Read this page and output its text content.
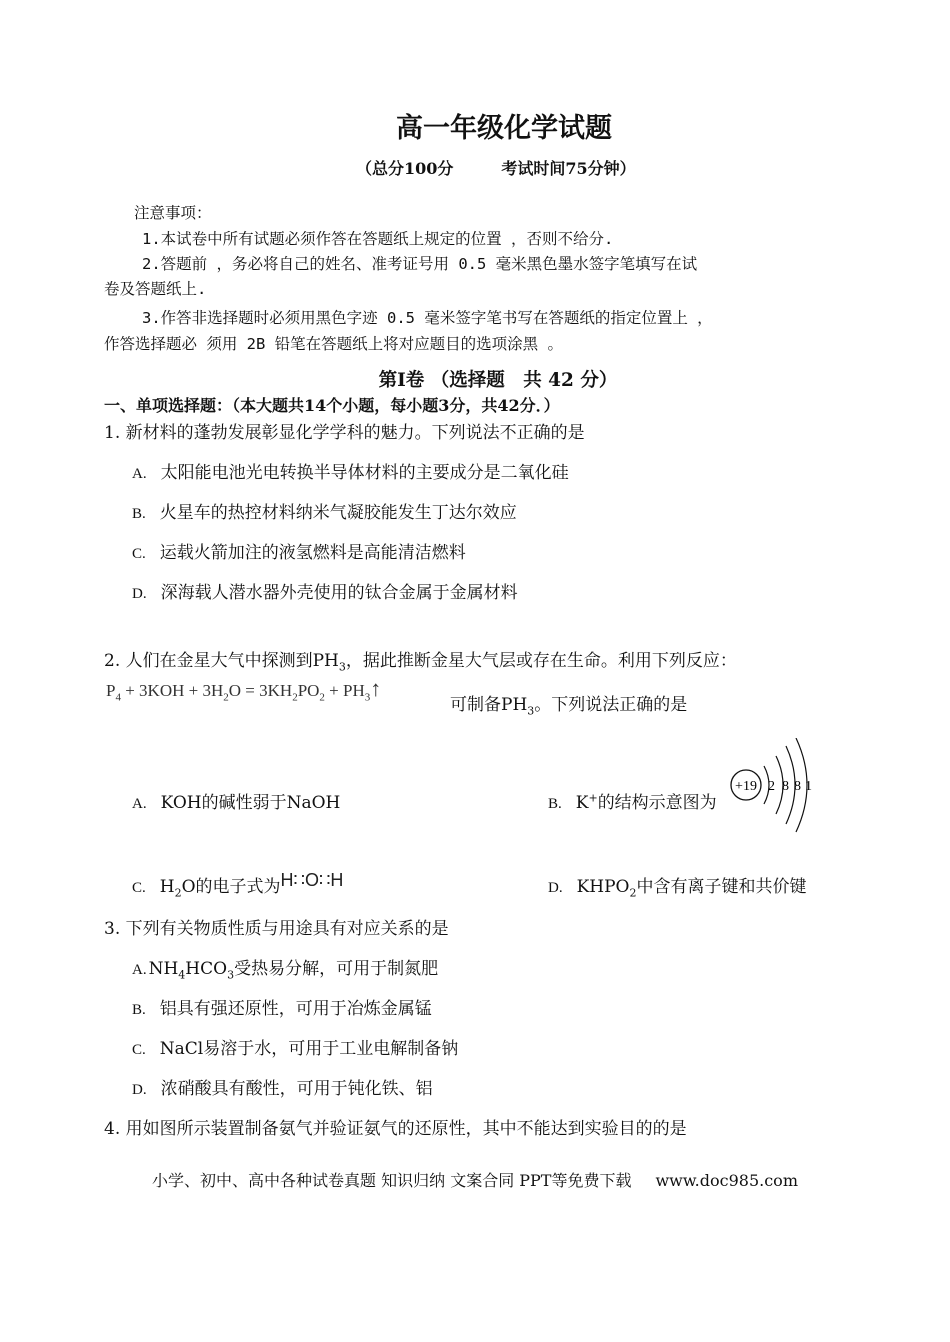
高一年级化学试题
（总分100分	考试时间75分钟）
注意事项：
1.本试卷中所有试题必须作答在答题纸上规定的位置 ，否则不给分.
2.答题前 ，务必将自己的姓名、准考证号用 0.5 毫米黑色墨水签字笔填写在试
卷及答题纸上.
3.作答非选择题时必须用黑色字迹 0.5 毫米签字笔书写在答题纸的指定位置上 ，
作答选择题必 须用 2B 铅笔在答题纸上将对应题目的选项涂黑 。
第Ⅰ卷 （选择题　共 42 分）
一、单项选择题：（本大题共14个小题，每小题3分，共42分．）
1. 新材料的蓬勃发展彰显化学学科的魅力。下列说法不正确的是
A. 太阳能电池光电转换半导体材料的主要成分是二氧化硅
B. 火星车的热控材料纳米气凝胶能发生丁达尔效应
C. 运载火箭加注的液氢燃料是高能清洁燃料
D. 深海载人潜水器外壳使用的钛合金属于金属材料
2. 人们在金星大气中探测到$PH_3$，据此推断金星大气层或存在生命。利用下列反应：
$P_4 + 3KOH + 3H_2O = 3KH_2PO_2$ + $PH_3↑$
可制备$PH_3$。下列说法正确的是
A. KOH的碱性弱于NaOH	B. K+的结构示意图为
+19 2 8 8 1
C. $H_2O$的电子式为H∷O∷H	D. $KHPO_2$中含有离子键和共价键
3. 下列有关物质性质与用途具有对应关系的是
A. $NH_4HCO_3$受热易分解，可用于制氮肥
B. 铝具有强还原性，可用于冶炼金属锰
C. NaCl易溶于水，可用于工业电解制备钠
D. 浓硝酸具有酸性，可用于钝化铁、铝
4. 用如图所示装置制备氨气并验证氨气的还原性，其中不能达到实验目的的是
小学、初中、高中各种试卷真题 知识归纳 文案合同 PPT等免费下载 www.doc985.com
